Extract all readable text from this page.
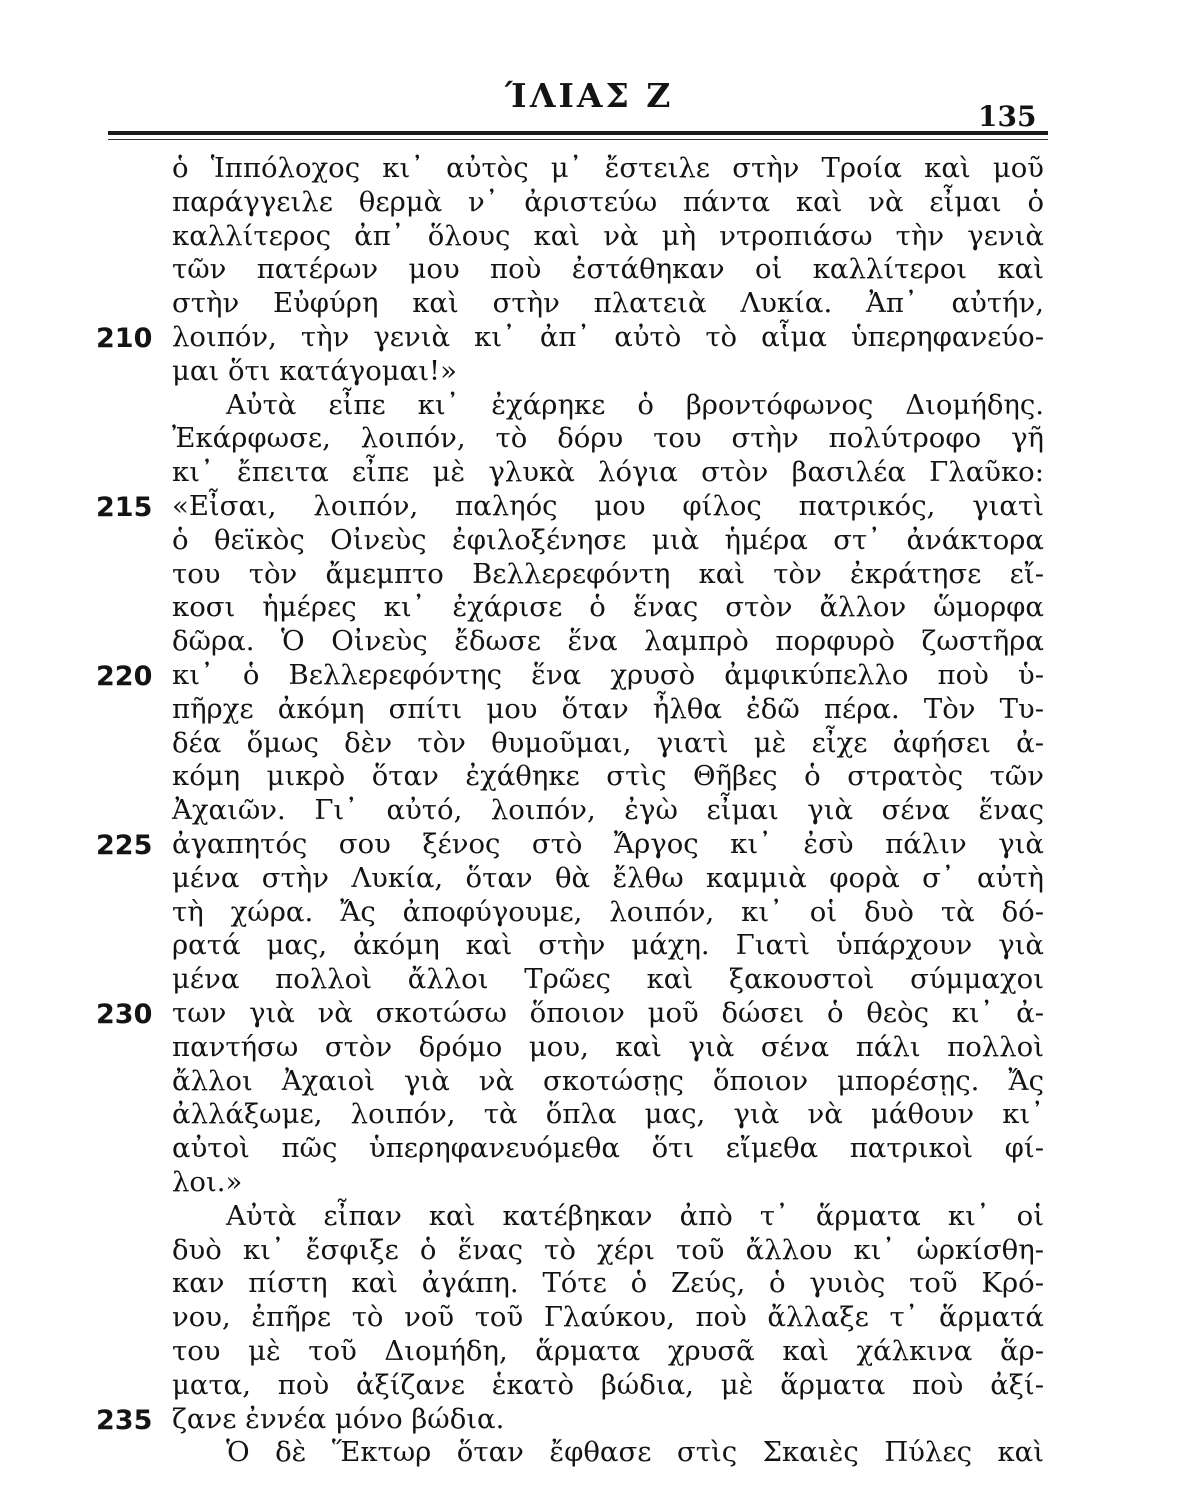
ΊΛΙΑΣ Ζ
135
ὁ Ἱππόλοχος κι᾽ αὐτὸς μ᾽ ἔστειλε στὴν Τροία καὶ μοῦ
παράγγειλε θερμὰ ν᾽ ἀριστεύω πάντα καὶ νὰ εἶμαι ὁ
καλλίτερος ἀπ᾽ ὅλους καὶ νὰ μὴ ντροπιάσω τὴν γενιὰ
τῶν πατέρων μου ποὺ ἐστάθηκαν οἱ καλλίτεροι καὶ
στὴν Εὐφύρη καὶ στὴν πλατειὰ Λυκία. Ἀπ᾽ αὐτήν,
λοιπόν, τὴν γενιὰ κι᾽ ἀπ᾽ αὐτὸ τὸ αἷμα ὑπερηφανεύο-
μαι ὅτι κατάγομαι!»
Αὐτὰ εἶπε κι᾽ ἐχάρηκε ὁ βροντόφωνος Διομήδης.
Ἐκάρφωσε, λοιπόν, τὸ δόρυ του στὴν πολύτροφο γῆ
κι᾽ ἔπειτα εἶπε μὲ γλυκὰ λόγια στὸν βασιλέα Γλαῦκο:
«Εἶσαι, λοιπόν, παληός μου φίλος πατρικός, γιατὶ
ὁ θεϊκὸς Οἰνεὺς ἐφιλοξένησε μιὰ ἡμέρα στ᾽ ἀνάκτορα
του τὸν ἄμεμπτο Βελλερεφόντη καὶ τὸν ἐκράτησε εἴ-
κοσι ἡμέρες κι᾽ ἐχάρισε ὁ ἕνας στὸν ἄλλον ὥμορφα
δῶρα. Ὁ Οἰνεὺς ἔδωσε ἕνα λαμπρὸ πορφυρὸ ζωστῆρα
κι᾽ ὁ Βελλερεφόντης ἕνα χρυσὸ ἀμφικύπελλο ποὺ ὑ-
πῆρχε ἀκόμη σπίτι μου ὅταν ἦλθα ἐδῶ πέρα. Τὸν Τυ-
δέα ὅμως δὲν τὸν θυμοῦμαι, γιατὶ μὲ εἶχε ἀφήσει ἀ-
κόμη μικρὸ ὅταν ἐχάθηκε στὶς Θῆβες ὁ στρατὸς τῶν
Ἀχαιῶν. Γι᾽ αὐτό, λοιπόν, ἐγὼ εἶμαι γιὰ σένα ἕνας
ἀγαπητός σου ξένος στὸ Ἄργος κι᾽ ἐσὺ πάλιν γιὰ
μένα στὴν Λυκία, ὅταν θὰ ἔλθω καμμιὰ φορὰ σ᾽ αὐτὴ
τὴ χώρα. Ἄς ἀποφύγουμε, λοιπόν, κι᾽ οἱ δυὸ τὰ δό-
ρατά μας, ἀκόμη καὶ στὴν μάχη. Γιατὶ ὑπάρχουν γιὰ
μένα πολλοὶ ἄλλοι Τρῶες καὶ ξακουστοὶ σύμμαχοι
των γιὰ νὰ σκοτώσω ὅποιον μοῦ δώσει ὁ θεὸς κι᾽ ἀ-
παντήσω στὸν δρόμο μου, καὶ γιὰ σένα πάλι πολλοὶ
ἄλλοι Ἀχαιοὶ γιὰ νὰ σκοτώσῃς ὅποιον μπορέσῃς. Ἄς
ἀλλάξωμε, λοιπόν, τὰ ὅπλα μας, γιὰ νὰ μάθουν κι᾽
αὐτοὶ πῶς ὑπερηφανευόμεθα ὅτι εἴμεθα πατρικοὶ φί-
λοι.»
Αὐτὰ εἶπαν καὶ κατέβηκαν ἀπὸ τ᾽ ἅρματα κι᾽ οἱ
δυὸ κι᾽ ἔσφιξε ὁ ἕνας τὸ χέρι τοῦ ἄλλου κι᾽ ὡρκίσθη-
καν πίστη καὶ ἀγάπη. Τότε ὁ Ζεύς, ὁ γυιὸς τοῦ Κρό-
νου, ἐπῆρε τὸ νοῦ τοῦ Γλαύκου, ποὺ ἄλλαξε τ᾽ ἅρματά
του μὲ τοῦ Διομήδη, ἅρματα χρυσᾶ καὶ χάλκινα ἅρ-
ματα, ποὺ ἀξίζανε ἑκατὸ βώδια, μὲ ἅρματα ποὺ ἀξί-
ζανε ἐννέα μόνο βώδια.
Ὁ δὲ Ἕκτωρ ὅταν ἔφθασε στὶς Σκαιὲς Πύλες καὶ
210
215
220
225
230
235
